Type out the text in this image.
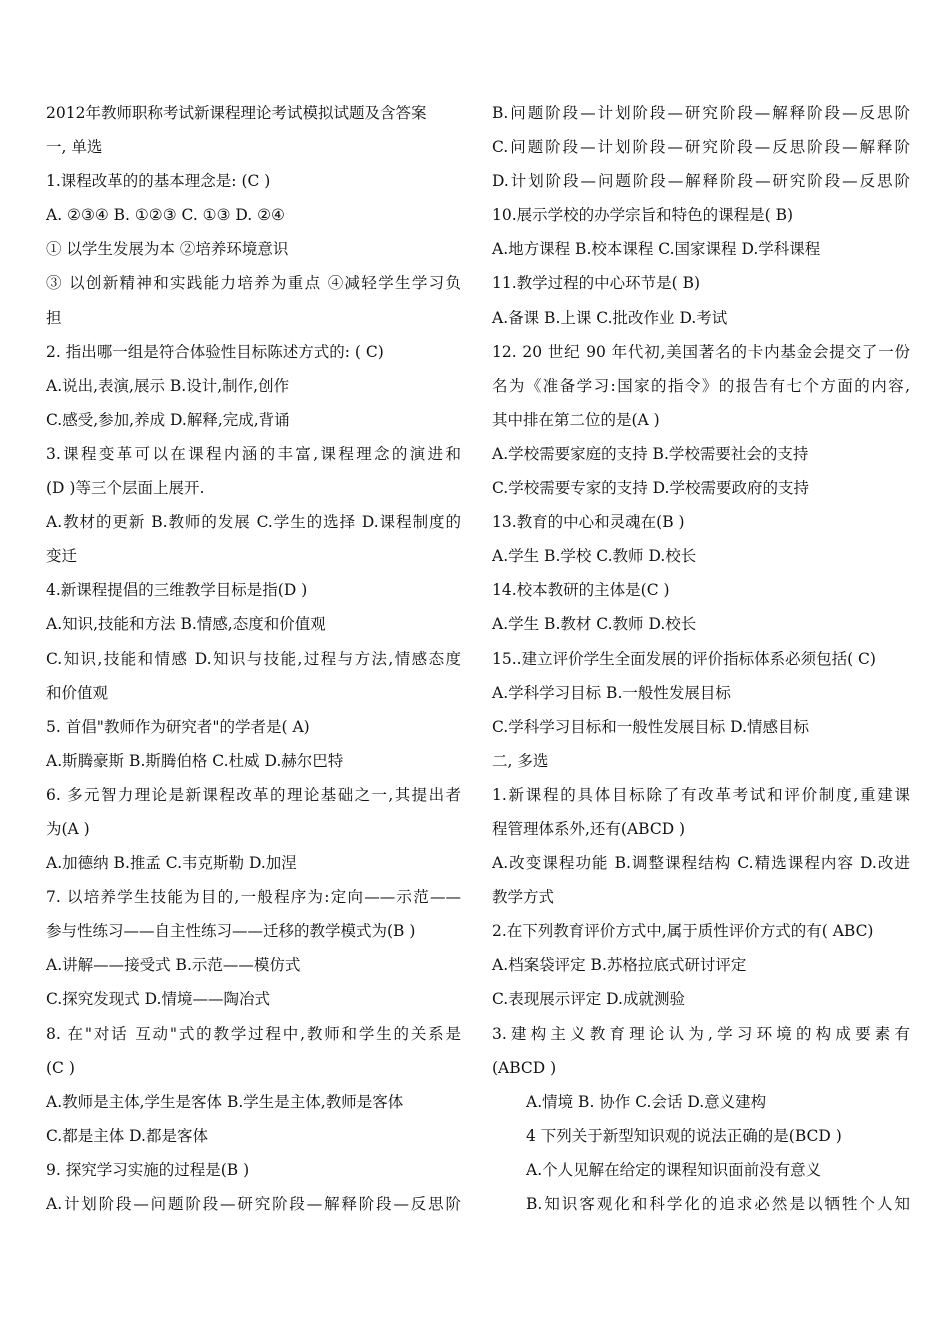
2012年教师职称考试新课程理论考试模拟试题及含答案
一, 单选
1.课程改革的的基本理念是: (C )
A. ②③④ B. ①②③ C. ①③ D. ②④
① 以学生发展为本 ②培养环境意识
③ 以创新精神和实践能力培养为重点 ④减轻学生学习负
担
2. 指出哪一组是符合体验性目标陈述方式的: ( C)
A.说出,表演,展示 B.设计,制作,创作
C.感受,参加,养成 D.解释,完成,背诵
3.课程变革可以在课程内涵的丰富,课程理念的演进和
(D )等三个层面上展开.
A.教材的更新 B.教师的发展 C.学生的选择 D.课程制度的
变迁
4.新课程提倡的三维教学目标是指(D )
A.知识,技能和方法 B.情感,态度和价值观
C.知识,技能和情感 D.知识与技能,过程与方法,情感态度
和价值观
5. 首倡"教师作为研究者"的学者是( A)
A.斯腾豪斯 B.斯腾伯格 C.杜威 D.赫尔巴特
6. 多元智力理论是新课程改革的理论基础之一,其提出者
为(A )
A.加德纳 B.推孟 C.韦克斯勒 D.加涅
7. 以培养学生技能为目的,一般程序为:定向——示范——
参与性练习——自主性练习——迁移的教学模式为(B )
A.讲解——接受式 B.示范——模仿式
C.探究发现式 D.情境——陶冶式
8. 在"对话 互动"式的教学过程中,教师和学生的关系是
(C )
A.教师是主体,学生是客体 B.学生是主体,教师是客体
C.都是主体 D.都是客体
9. 探究学习实施的过程是(B )
A.计划阶段—问题阶段—研究阶段—解释阶段—反思阶
B.问题阶段—计划阶段—研究阶段—解释阶段—反思阶
C.问题阶段—计划阶段—研究阶段—反思阶段—解释阶
D.计划阶段—问题阶段—解释阶段—研究阶段—反思阶
10.展示学校的办学宗旨和特色的课程是( B)
A.地方课程 B.校本课程 C.国家课程 D.学科课程
11.教学过程的中心环节是( B)
A.备课 B.上课 C.批改作业 D.考试
12. 20 世纪 90 年代初,美国著名的卡内基金会提交了一份
名为《准备学习:国家的指令》的报告有七个方面的内容,
其中排在第二位的是(A )
A.学校需要家庭的支持 B.学校需要社会的支持
C.学校需要专家的支持 D.学校需要政府的支持
13.教育的中心和灵魂在(B )
A.学生 B.学校 C.教师 D.校长
14.校本教研的主体是(C )
A.学生 B.教材 C.教师 D.校长
15..建立评价学生全面发展的评价指标体系必须包括( C)
A.学科学习目标 B.一般性发展目标
C.学科学习目标和一般性发展目标 D.情感目标
二, 多选
1.新课程的具体目标除了有改革考试和评价制度,重建课
程管理体系外,还有(ABCD )
A.改变课程功能 B.调整课程结构 C.精选课程内容 D.改进
教学方式
2.在下列教育评价方式中,属于质性评价方式的有( ABC)
A.档案袋评定 B.苏格拉底式研讨评定
C.表现展示评定 D.成就测验
3.建构主义教育理论认为,学习环境的构成要素有
(ABCD )
A.情境 B. 协作 C.会话 D.意义建构
4 下列关于新型知识观的说法正确的是(BCD )
A.个人见解在给定的课程知识面前没有意义
B.知识客观化和科学化的追求必然是以牺牲个人知
